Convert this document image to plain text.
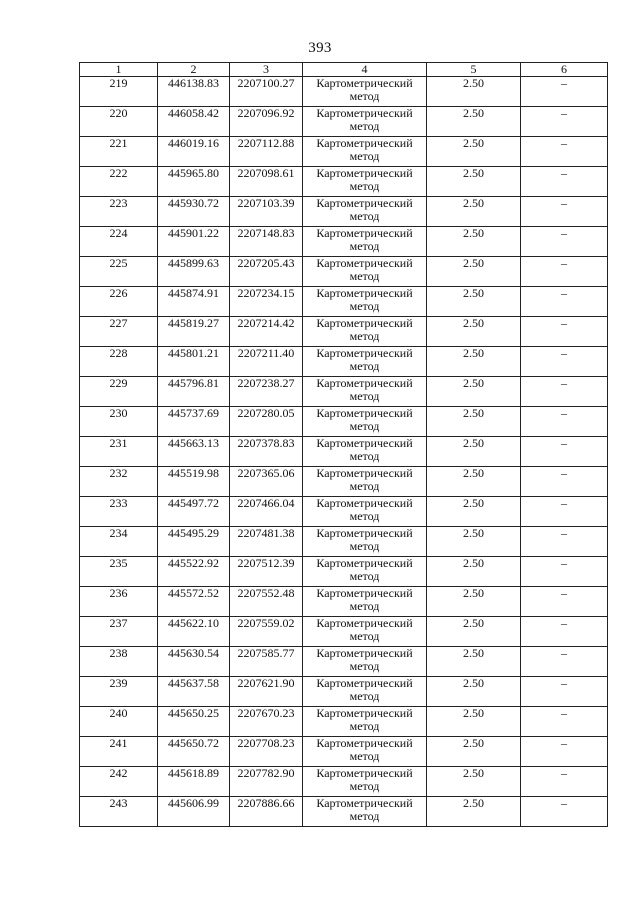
393
1	2	3	4	5	6
219	446138.83	2207100.27	Картометрический метод	2.50	–
220	446058.42	2207096.92	Картометрический метод	2.50	–
221	446019.16	2207112.88	Картометрический метод	2.50	–
222	445965.80	2207098.61	Картометрический метод	2.50	–
223	445930.72	2207103.39	Картометрический метод	2.50	–
224	445901.22	2207148.83	Картометрический метод	2.50	–
225	445899.63	2207205.43	Картометрический метод	2.50	–
226	445874.91	2207234.15	Картометрический метод	2.50	–
227	445819.27	2207214.42	Картометрический метод	2.50	–
228	445801.21	2207211.40	Картометрический метод	2.50	–
229	445796.81	2207238.27	Картометрический метод	2.50	–
230	445737.69	2207280.05	Картометрический метод	2.50	–
231	445663.13	2207378.83	Картометрический метод	2.50	–
232	445519.98	2207365.06	Картометрический метод	2.50	–
233	445497.72	2207466.04	Картометрический метод	2.50	–
234	445495.29	2207481.38	Картометрический метод	2.50	–
235	445522.92	2207512.39	Картометрический метод	2.50	–
236	445572.52	2207552.48	Картометрический метод	2.50	–
237	445622.10	2207559.02	Картометрический метод	2.50	–
238	445630.54	2207585.77	Картометрический метод	2.50	–
239	445637.58	2207621.90	Картометрический метод	2.50	–
240	445650.25	2207670.23	Картометрический метод	2.50	–
241	445650.72	2207708.23	Картометрический метод	2.50	–
242	445618.89	2207782.90	Картометрический метод	2.50	–
243	445606.99	2207886.66	Картометрический метод	2.50	–
